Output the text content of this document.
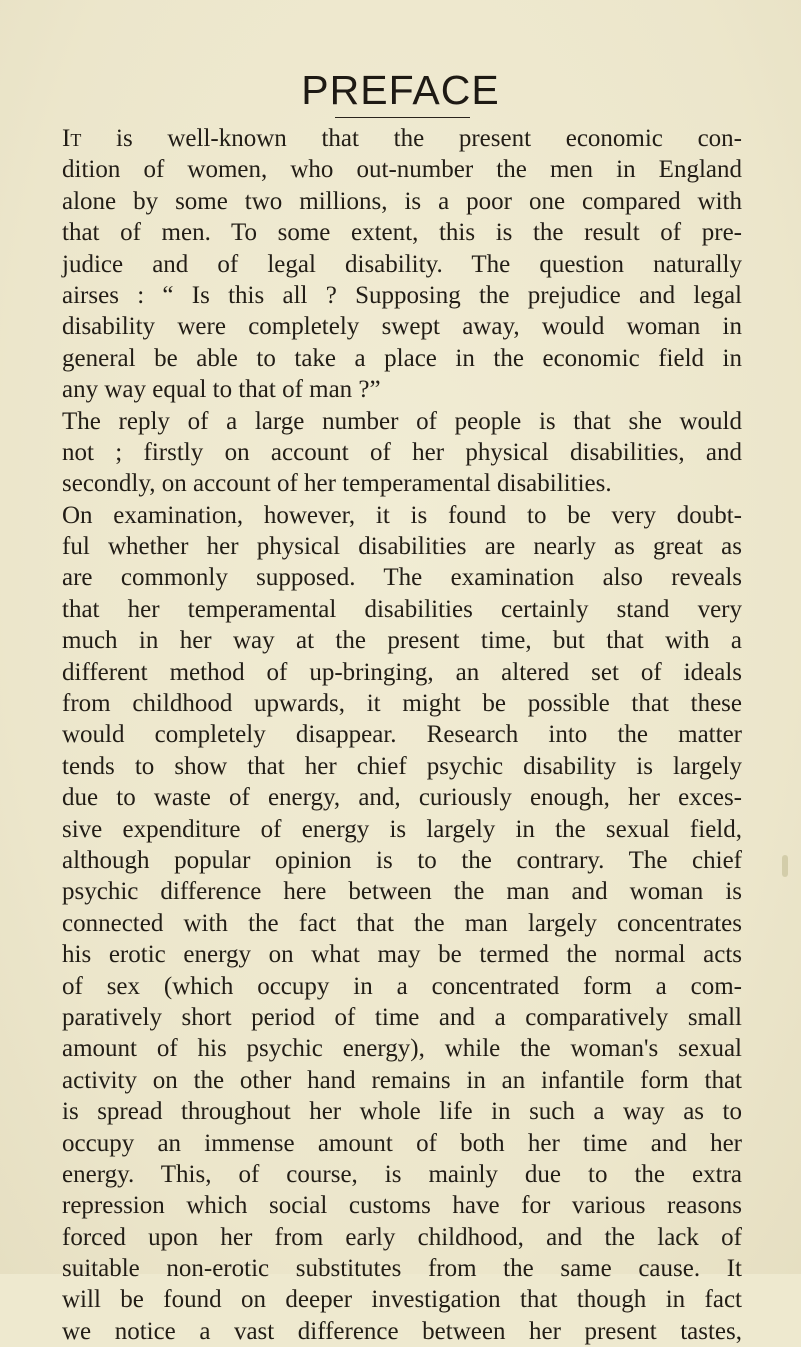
PREFACE
It is well-known that the present economic con-
dition of women, who out-number the men in England
alone by some two millions, is a poor one compared with
that of men. To some extent, this is the result of pre-
judice and of legal disability. The question naturally
airses : “ Is this all ? Supposing the prejudice and legal
disability were completely swept away, would woman in
general be able to take a place in the economic field in
any way equal to that of man ?”
The reply of a large number of people is that she would
not ; firstly on account of her physical disabilities, and
secondly, on account of her temperamental disabilities.
On examination, however, it is found to be very doubt-
ful whether her physical disabilities are nearly as great as
are commonly supposed. The examination also reveals
that her temperamental disabilities certainly stand very
much in her way at the present time, but that with a
different method of up-bringing, an altered set of ideals
from childhood upwards, it might be possible that these
would completely disappear. Research into the matter
tends to show that her chief psychic disability is largely
due to waste of energy, and, curiously enough, her exces-
sive expenditure of energy is largely in the sexual field,
although popular opinion is to the contrary. The chief
psychic difference here between the man and woman is
connected with the fact that the man largely concentrates
his erotic energy on what may be termed the normal acts
of sex (which occupy in a concentrated form a com-
paratively short period of time and a comparatively small
amount of his psychic energy), while the woman's sexual
activity on the other hand remains in an infantile form that
is spread throughout her whole life in such a way as to
occupy an immense amount of both her time and her
energy. This, of course, is mainly due to the extra
repression which social customs have for various reasons
forced upon her from early childhood, and the lack of
suitable non-erotic substitutes from the same cause. It
will be found on deeper investigation that though in fact
we notice a vast difference between her present tastes,
